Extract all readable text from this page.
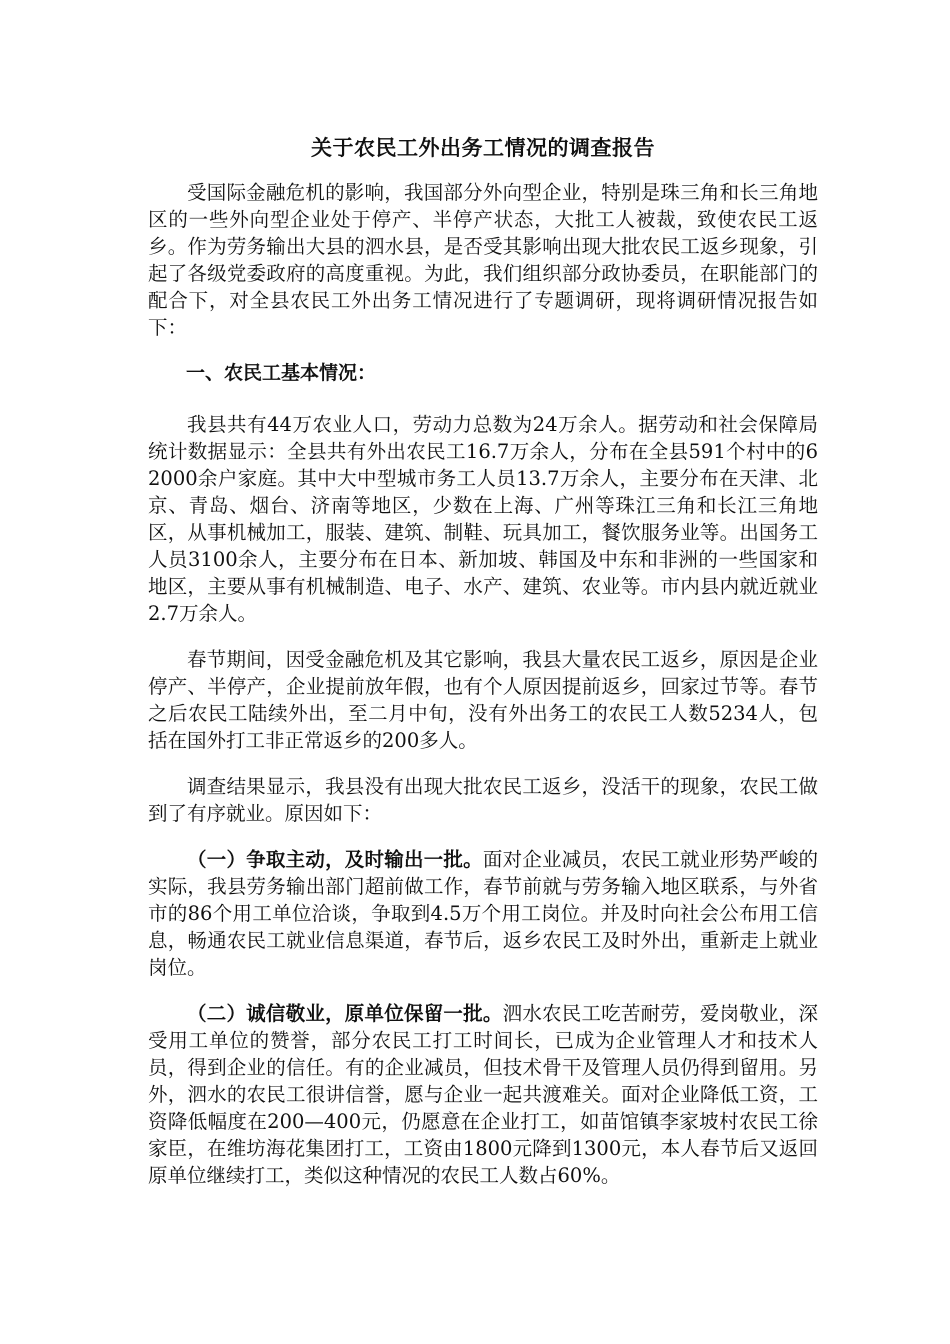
关于农民工外出务工情况的调查报告

受国际金融危机的影响，我国部分外向型企业，特别是珠三角和长三角地区的一些外向型企业处于停产、半停产状态，大批工人被裁，致使农民工返乡。作为劳务输出大县的泗水县，是否受其影响出现大批农民工返乡现象，引起了各级党委政府的高度重视。为此，我们组织部分政协委员，在职能部门的配合下，对全县农民工外出务工情况进行了专题调研，现将调研情况报告如下：

一、农民工基本情况：

我县共有44万农业人口，劳动力总数为24万余人。据劳动和社会保障局统计数据显示：全县共有外出农民工16.7万余人，分布在全县591个村中的62000余户家庭。其中大中型城市务工人员13.7万余人，主要分布在天津、北京、青岛、烟台、济南等地区，少数在上海、广州等珠江三角和长江三角地区，从事机械加工，服装、建筑、制鞋、玩具加工，餐饮服务业等。出国务工人员3100余人，主要分布在日本、新加坡、韩国及中东和非洲的一些国家和地区，主要从事有机械制造、电子、水产、建筑、农业等。市内县内就近就业2.7万余人。

春节期间，因受金融危机及其它影响，我县大量农民工返乡，原因是企业停产、半停产，企业提前放年假，也有个人原因提前返乡，回家过节等。春节之后农民工陆续外出，至二月中旬，没有外出务工的农民工人数5234人，包括在国外打工非正常返乡的200多人。

调查结果显示，我县没有出现大批农民工返乡，没活干的现象，农民工做到了有序就业。原因如下：

（一）争取主动，及时输出一批。面对企业减员，农民工就业形势严峻的实际，我县劳务输出部门超前做工作，春节前就与劳务输入地区联系，与外省市的86个用工单位洽谈，争取到4.5万个用工岗位。并及时向社会公布用工信息，畅通农民工就业信息渠道，春节后，返乡农民工及时外出，重新走上就业岗位。

（二）诚信敬业，原单位保留一批。泗水农民工吃苦耐劳，爱岗敬业，深受用工单位的赞誉，部分农民工打工时间长，已成为企业管理人才和技术人员，得到企业的信任。有的企业减员，但技术骨干及管理人员仍得到留用。另外，泗水的农民工很讲信誉，愿与企业一起共渡难关。面对企业降低工资，工资降低幅度在200—400元，仍愿意在企业打工，如苗馆镇李家坡村农民工徐家臣，在维坊海花集团打工，工资由1800元降到1300元，本人春节后又返回原单位继续打工，类似这种情况的农民工人数占60%。
